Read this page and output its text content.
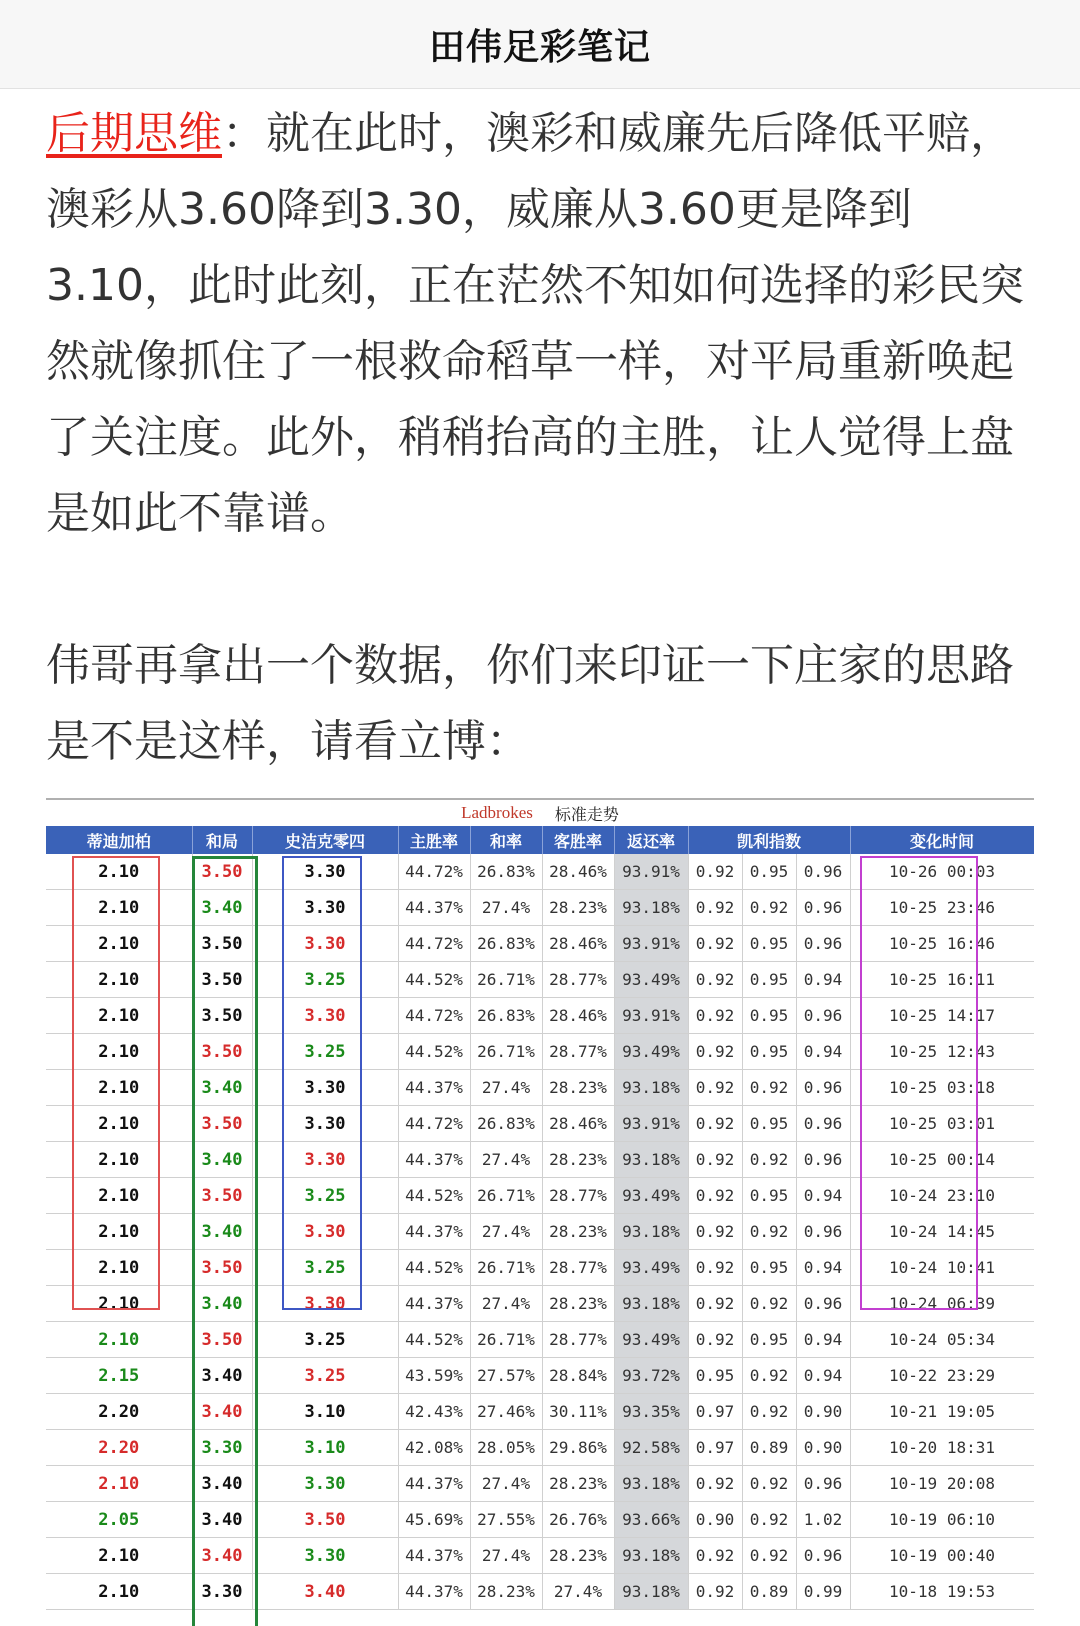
田伟足彩笔记

后期思维：就在此时，澳彩和威廉先后降低平赔，澳彩从3.60降到3.30，威廉从3.60更是降到3.10，此时此刻，正在茫然不知如何选择的彩民突然就像抓住了一根救命稻草一样，对平局重新唤起了关注度。此外，稍稍抬高的主胜，让人觉得上盘是如此不靠谱。

伟哥再拿出一个数据，你们来印证一下庄家的思路是不是这样，请看立博：

Ladbrokes 标准走势
蒂迪加柏	和局	史洁克零四	主胜率	和率	客胜率	返还率	凯利指数			变化时间
2.10	3.50	3.30	44.72%	26.83%	28.46%	93.91%	0.92	0.95	0.96	10-26 00:03
2.10	3.40	3.30	44.37%	27.4%	28.23%	93.18%	0.92	0.92	0.96	10-25 23:46
2.10	3.50	3.30	44.72%	26.83%	28.46%	93.91%	0.92	0.95	0.96	10-25 16:46
2.10	3.50	3.25	44.52%	26.71%	28.77%	93.49%	0.92	0.95	0.94	10-25 16:11
2.10	3.50	3.30	44.72%	26.83%	28.46%	93.91%	0.92	0.95	0.96	10-25 14:17
2.10	3.50	3.25	44.52%	26.71%	28.77%	93.49%	0.92	0.95	0.94	10-25 12:43
2.10	3.40	3.30	44.37%	27.4%	28.23%	93.18%	0.92	0.92	0.96	10-25 03:18
2.10	3.50	3.30	44.72%	26.83%	28.46%	93.91%	0.92	0.95	0.96	10-25 03:01
2.10	3.40	3.30	44.37%	27.4%	28.23%	93.18%	0.92	0.92	0.96	10-25 00:14
2.10	3.50	3.25	44.52%	26.71%	28.77%	93.49%	0.92	0.95	0.94	10-24 23:10
2.10	3.40	3.30	44.37%	27.4%	28.23%	93.18%	0.92	0.92	0.96	10-24 14:45
2.10	3.50	3.25	44.52%	26.71%	28.77%	93.49%	0.92	0.95	0.94	10-24 10:41
2.10	3.40	3.30	44.37%	27.4%	28.23%	93.18%	0.92	0.92	0.96	10-24 06:39
2.10	3.50	3.25	44.52%	26.71%	28.77%	93.49%	0.92	0.95	0.94	10-24 05:34
2.15	3.40	3.25	43.59%	27.57%	28.84%	93.72%	0.95	0.92	0.94	10-22 23:29
2.20	3.40	3.10	42.43%	27.46%	30.11%	93.35%	0.97	0.92	0.90	10-21 19:05
2.20	3.30	3.10	42.08%	28.05%	29.86%	92.58%	0.97	0.89	0.90	10-20 18:31
2.10	3.40	3.30	44.37%	27.4%	28.23%	93.18%	0.92	0.92	0.96	10-19 20:08
2.05	3.40	3.50	45.69%	27.55%	26.76%	93.66%	0.90	0.92	1.02	10-19 06:10
2.10	3.40	3.30	44.37%	27.4%	28.23%	93.18%	0.92	0.92	0.96	10-19 00:40
2.10	3.30	3.40	44.37%	28.23%	27.4%	93.18%	0.92	0.89	0.99	10-18 19:53
